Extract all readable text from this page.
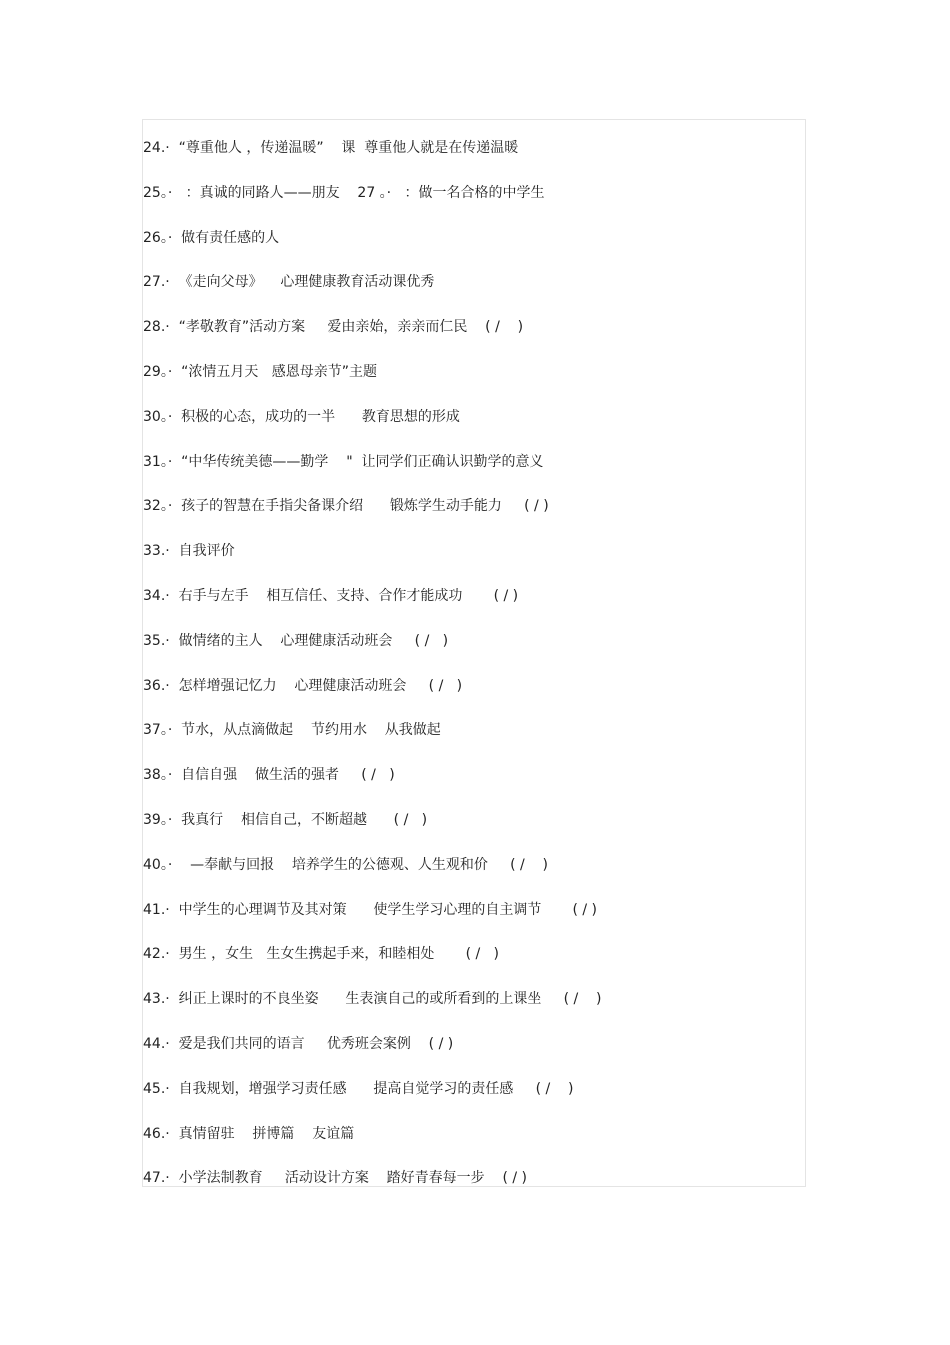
24.·  “尊重他人 ，传递温暖”    课  尊重他人就是在传递温暖
25。·   ：真诚的同路人——朋友    27 。·   ：做一名合格的中学生
26。·  做有责任感的人
27.·  《走向父母》    心理健康教育活动课优秀
28.·  “孝敬教育”活动方案     爱由亲始，亲亲而仁民    ( /    )
29。·  “浓情五月天   感恩母亲节”主题
30。·  积极的心态，成功的一半      教育思想的形成
31。·  “中华传统美德——勤学    "  让同学们正确认识勤学的意义
32。·  孩子的智慧在手指尖备课介绍      锻炼学生动手能力     ( / )
33.·  自我评价
34.·  右手与左手    相互信任、支持、合作才能成功       ( / )
35.·  做情绪的主人    心理健康活动班会     ( /   )
36.·  怎样增强记忆力    心理健康活动班会     ( /   )
37。·  节水，从点滴做起    节约用水    从我做起
38。·  自信自强    做生活的强者     ( /   )
39。·  我真行    相信自己，不断超越      ( /   )
40。·    —奉献与回报    培养学生的公德观、人生观和价     ( /    )
41.·  中学生的心理调节及其对策      使学生学习心理的自主调节       ( / )
42.·  男生 ，女生   生女生携起手来，和睦相处       ( /   )
43.·  纠正上课时的不良坐姿      生表演自己的或所看到的上课坐     ( /    )
44.·  爱是我们共同的语言     优秀班会案例    ( / )
45.·  自我规划，增强学习责任感      提高自觉学习的责任感     ( /    )
46.·  真情留驻    拼博篇    友谊篇
47.·  小学法制教育     活动设计方案    踏好青春每一步    ( / )
